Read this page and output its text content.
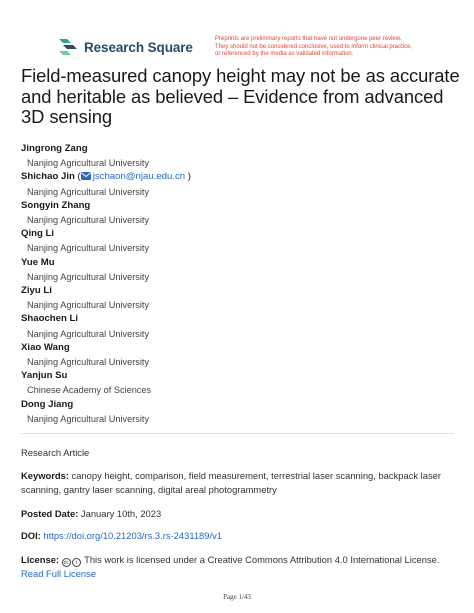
Research Square
Preprints are preliminary reports that have not undergone peer review.
They should not be considered conclusive, used to inform clinical practice,
or referenced by the media as validated information.
Field-measured canopy height may not be as accurate and heritable as believed – Evidence from advanced 3D sensing
Jingrong Zang
Nanjing Agricultural University
Shichao Jin ( jschaon@njau.edu.cn )
Nanjing Agricultural University
Songyin Zhang
Nanjing Agricultural University
Qing Li
Nanjing Agricultural University
Yue Mu
Nanjing Agricultural University
Ziyu Li
Nanjing Agricultural University
Shaochen Li
Nanjing Agricultural University
Xiao Wang
Nanjing Agricultural University
Yanjun Su
Chinese Academy of Sciences
Dong Jiang
Nanjing Agricultural University
Research Article
Keywords: canopy height, comparison, field measurement, terrestrial laser scanning, backpack laser scanning, gantry laser scanning, digital areal photogrammetry
Posted Date: January 10th, 2023
DOI: https://doi.org/10.21203/rs.3.rs-2431189/v1
License: cc i This work is licensed under a Creative Commons Attribution 4.0 International License.
Read Full License
Page 1/43
